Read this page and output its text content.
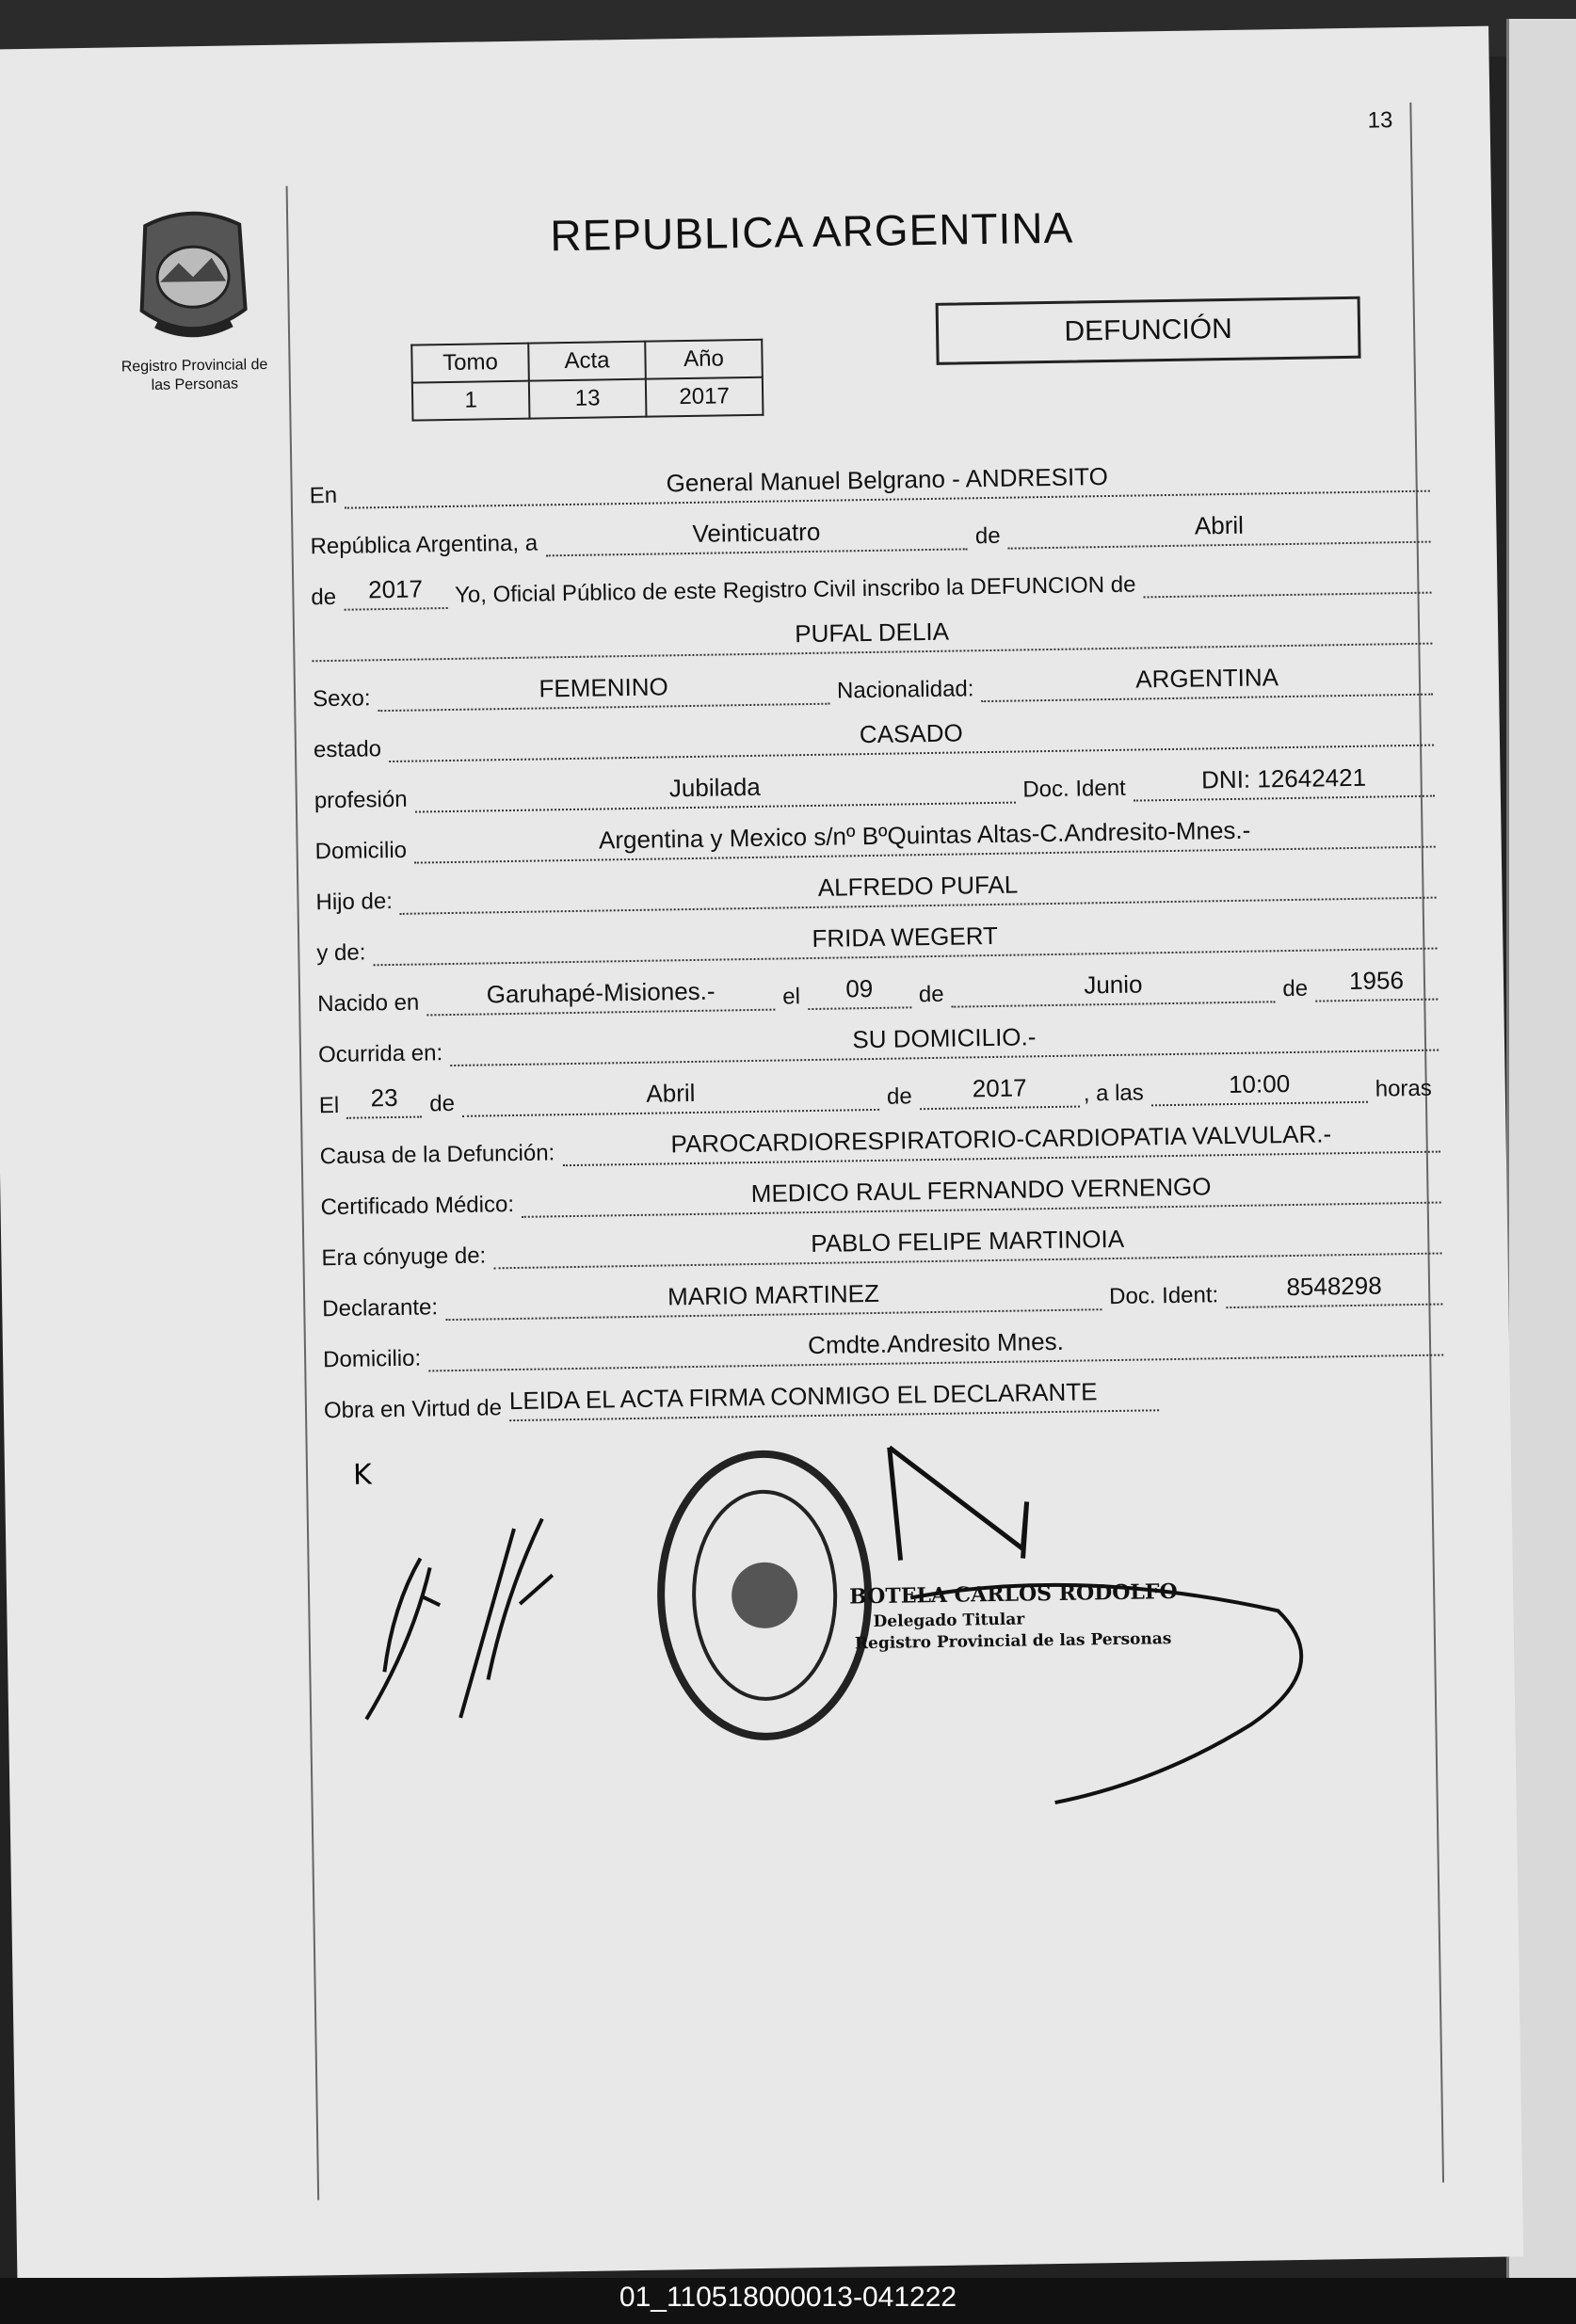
13
Registro Provincial de
las Personas
REPUBLICA ARGENTINA
Tomo	Acta	Año
1	13	2017
DEFUNCIÓN
En	General Manuel Belgrano - ANDRESITO
República Argentina, a	Veinticuatro	de	Abril
de	2017	Yo, Oficial Público de este Registro Civil inscribo la DEFUNCION de
PUFAL DELIA
Sexo:	FEMENINO	Nacionalidad:	ARGENTINA
estado
CASADO
profesión	Jubilada	Doc. Ident	DNI: 12642421
Domicilio	Argentina y Mexico s/nº BºQuintas Altas-C.Andresito-Mnes.-
Hijo de:
ALFREDO PUFAL
y de:
FRIDA WEGERT
Nacido en	Garuhapé-Misiones.-	el	09	de	Junio	de	1956
Ocurrida en:
SU DOMICILIO.-
El	23	de	Abril	de	2017	, a las	10:00	horas
Causa de la Defunción:	PAROCARDIORESPIRATORIO-CARDIOPATIA VALVULAR.-
Certificado Médico:	MEDICO RAUL FERNANDO VERNENGO
Era cónyuge de:	PABLO FELIPE MARTINOIA
Declarante:	MARIO MARTINEZ	Doc. Ident:	8548298
Domicilio:	Cmdte.Andresito Mnes.
Obra en Virtud de LEIDA EL ACTA FIRMA CONMIGO EL DECLARANTE
K
BOTELA CARLOS RODOLFO
Delegado Titular
Registro Provincial de las Personas
01_110518000013-041222
